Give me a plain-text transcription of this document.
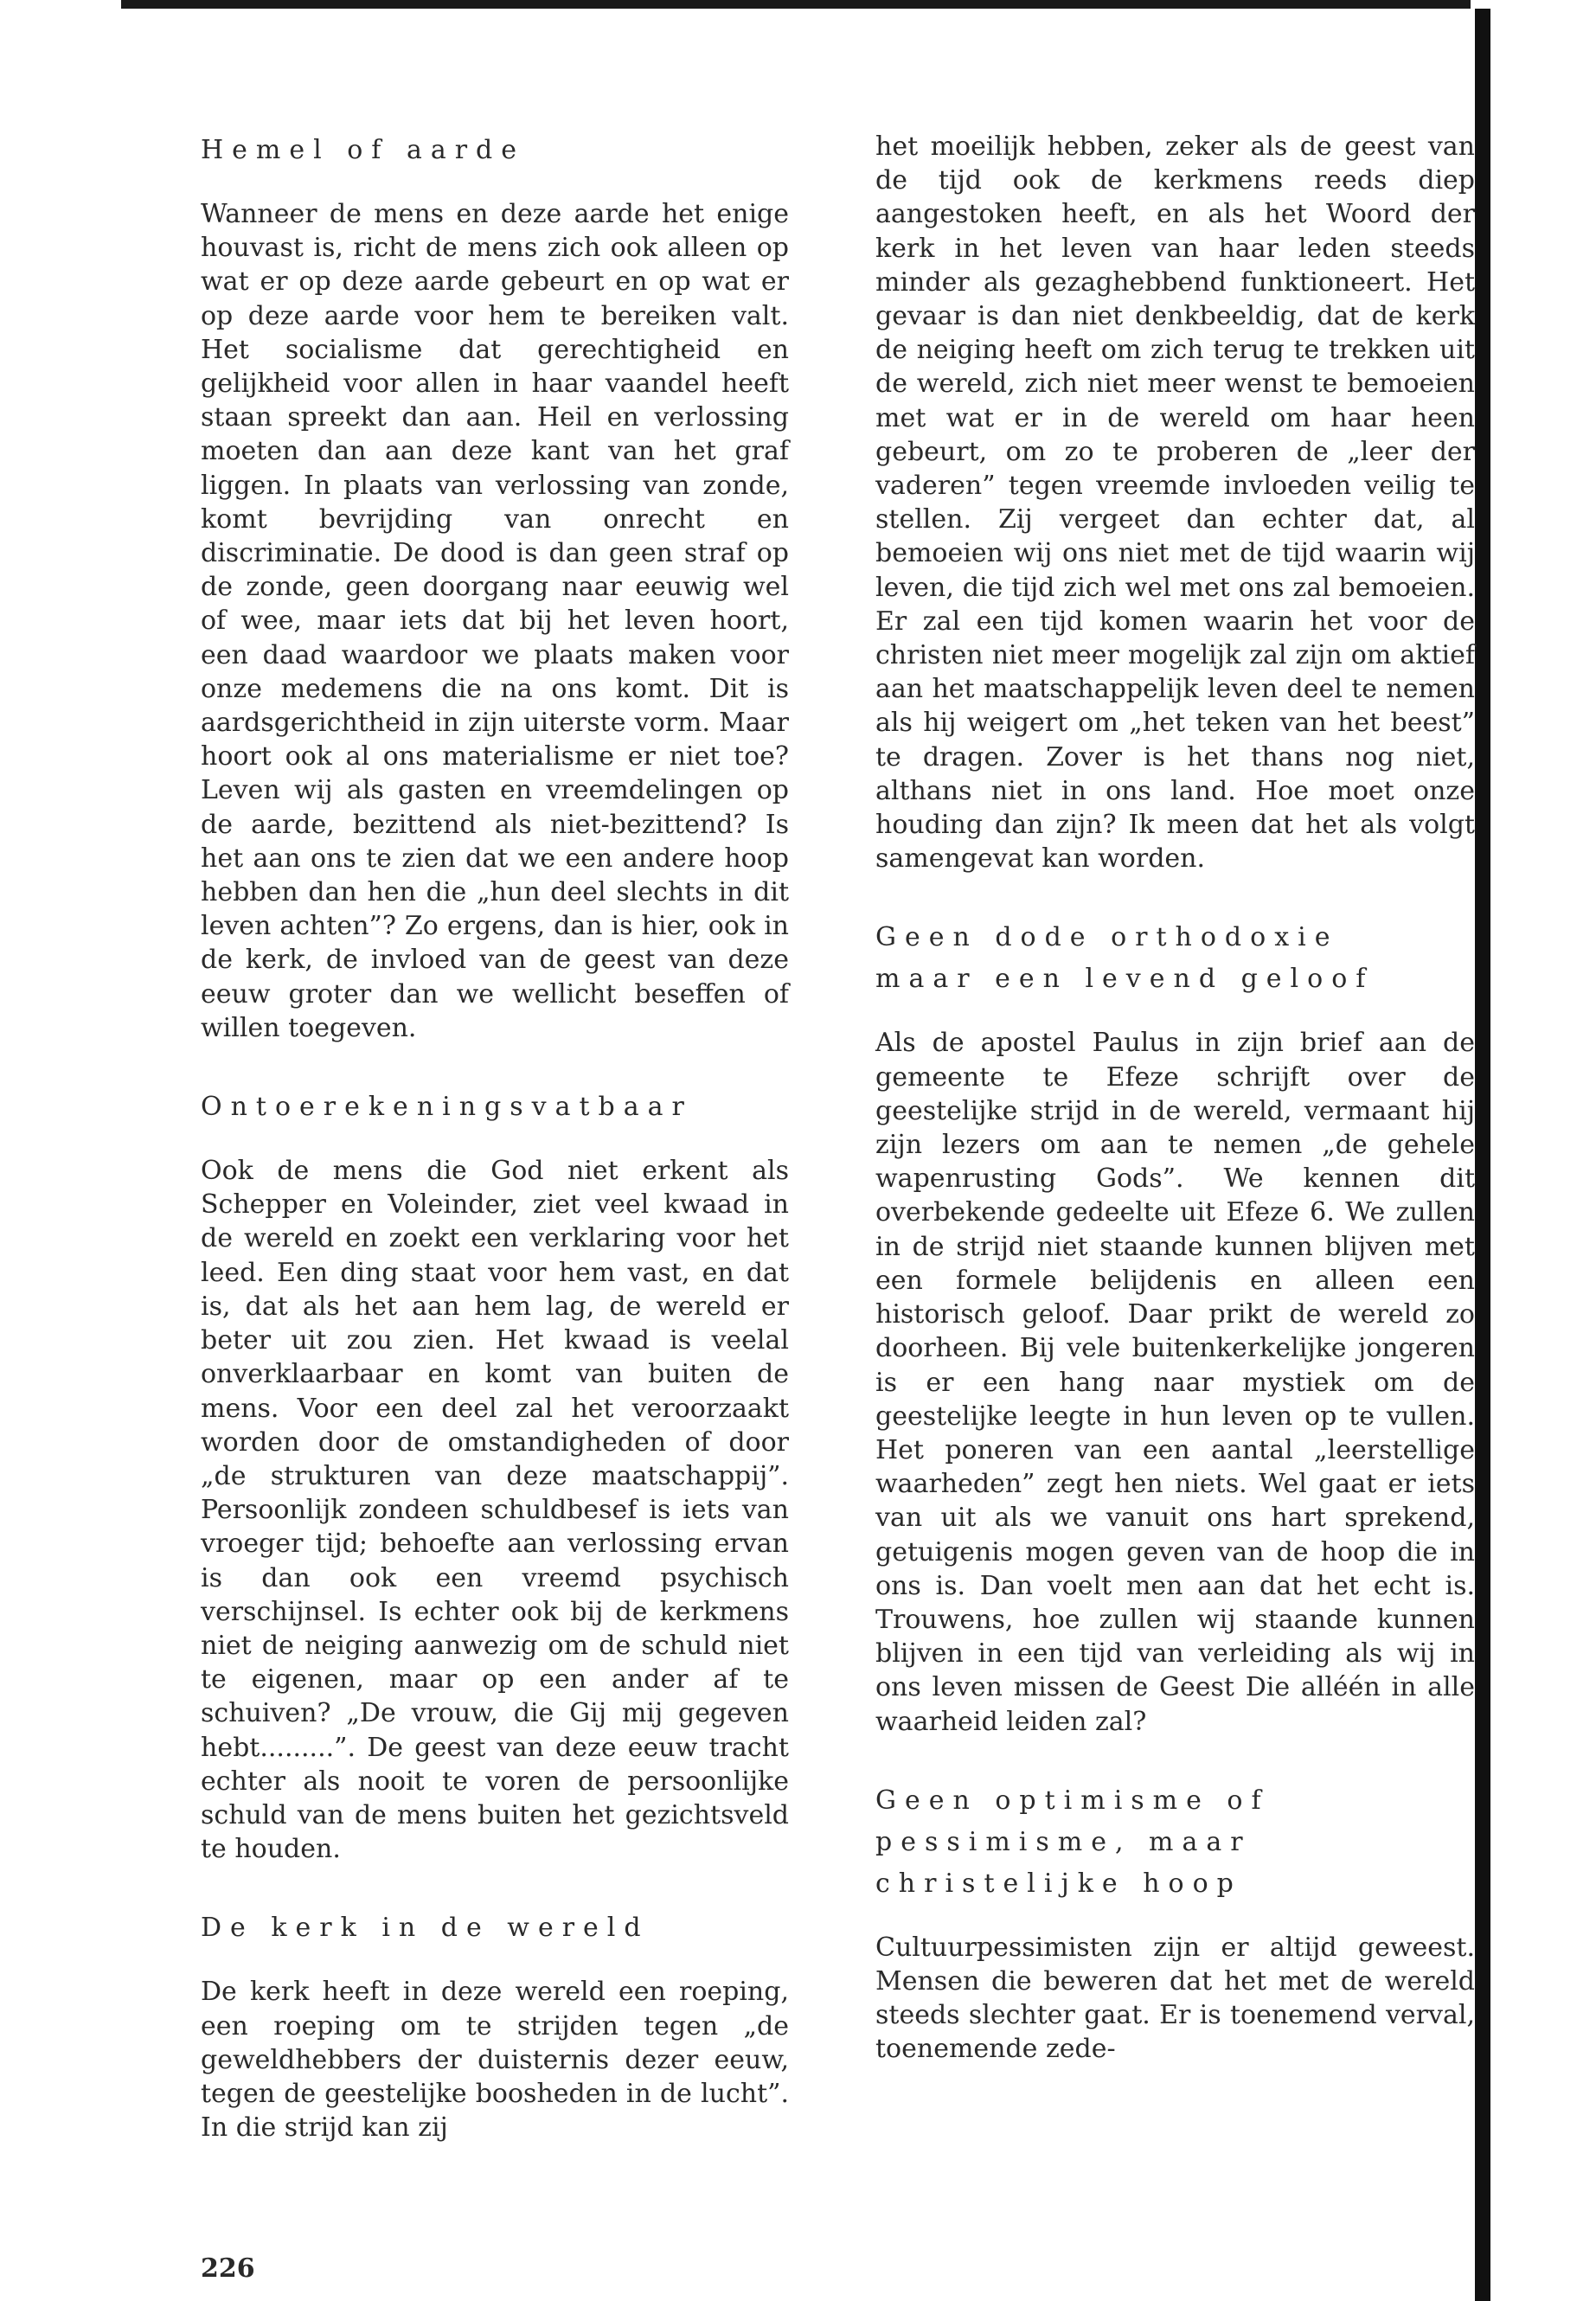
Hemel of aarde

Wanneer de mens en deze aarde het enige houvast is, richt de mens zich ook alleen op wat er op deze aarde gebeurt en op wat er op deze aarde voor hem te bereiken valt. Het socialisme dat gerechtigheid en gelijkheid voor allen in haar vaandel heeft staan spreekt dan aan. Heil en verlossing moeten dan aan deze kant van het graf liggen. In plaats van verlossing van zonde, komt bevrijding van onrecht en discriminatie. De dood is dan geen straf op de zonde, geen doorgang naar eeuwig wel of wee, maar iets dat bij het leven hoort, een daad waardoor we plaats maken voor onze medemens die na ons komt. Dit is aardsgerichtheid in zijn uiterste vorm. Maar hoort ook al ons materialisme er niet toe? Leven wij als gasten en vreemdelingen op de aarde, bezittend als niet-bezittend? Is het aan ons te zien dat we een andere hoop hebben dan hen die „hun deel slechts in dit leven achten”? Zo ergens, dan is hier, ook in de kerk, de invloed van de geest van deze eeuw groter dan we wellicht beseffen of willen toegeven.

Ontoerekeningsvatbaar

Ook de mens die God niet erkent als Schepper en Voleinder, ziet veel kwaad in de wereld en zoekt een verklaring voor het leed. Een ding staat voor hem vast, en dat is, dat als het aan hem lag, de wereld er beter uit zou zien. Het kwaad is veelal onverklaarbaar en komt van buiten de mens. Voor een deel zal het veroorzaakt worden door de omstandigheden of door „de strukturen van deze maatschappij”. Persoonlijk zondeen schuldbesef is iets van vroeger tijd; behoefte aan verlossing ervan is dan ook een vreemd psychisch verschijnsel. Is echter ook bij de kerkmens niet de neiging aanwezig om de schuld niet te eigenen, maar op een ander af te schuiven? „De vrouw, die Gij mij gegeven hebt.........”. De geest van deze eeuw tracht echter als nooit te voren de persoonlijke schuld van de mens buiten het gezichtsveld te houden.

De kerk in de wereld

De kerk heeft in deze wereld een roeping, een roeping om te strijden tegen „de geweldhebbers der duisternis dezer eeuw, tegen de geestelijke boosheden in de lucht”. In die strijd kan zij

het moeilijk hebben, zeker als de geest van de tijd ook de kerkmens reeds diep aangestoken heeft, en als het Woord der kerk in het leven van haar leden steeds minder als gezaghebbend funktioneert. Het gevaar is dan niet denkbeeldig, dat de kerk de neiging heeft om zich terug te trekken uit de wereld, zich niet meer wenst te bemoeien met wat er in de wereld om haar heen gebeurt, om zo te proberen de „leer der vaderen” tegen vreemde invloeden veilig te stellen. Zij vergeet dan echter dat, al bemoeien wij ons niet met de tijd waarin wij leven, die tijd zich wel met ons zal bemoeien. Er zal een tijd komen waarin het voor de christen niet meer mogelijk zal zijn om aktief aan het maatschappelijk leven deel te nemen als hij weigert om „het teken van het beest” te dragen. Zover is het thans nog niet, althans niet in ons land. Hoe moet onze houding dan zijn? Ik meen dat het als volgt samengevat kan worden.

Geen dode orthodoxie
maar een levend geloof

Als de apostel Paulus in zijn brief aan de gemeente te Efeze schrijft over de geestelijke strijd in de wereld, vermaant hij zijn lezers om aan te nemen „de gehele wapenrusting Gods”. We kennen dit overbekende gedeelte uit Efeze 6. We zullen in de strijd niet staande kunnen blijven met een formele belijdenis en alleen een historisch geloof. Daar prikt de wereld zo doorheen. Bij vele buitenkerkelijke jongeren is er een hang naar mystiek om de geestelijke leegte in hun leven op te vullen. Het poneren van een aantal „leerstellige waarheden” zegt hen niets. Wel gaat er iets van uit als we vanuit ons hart sprekend, getuigenis mogen geven van de hoop die in ons is. Dan voelt men aan dat het echt is. Trouwens, hoe zullen wij staande kunnen blijven in een tijd van verleiding als wij in ons leven missen de Geest Die alléén in alle waarheid leiden zal?

Geen optimisme of
pessimisme, maar
christelijke hoop

Cultuurpessimisten zijn er altijd geweest. Mensen die beweren dat het met de wereld steeds slechter gaat. Er is toenemend verval, toenemende zede-

226
